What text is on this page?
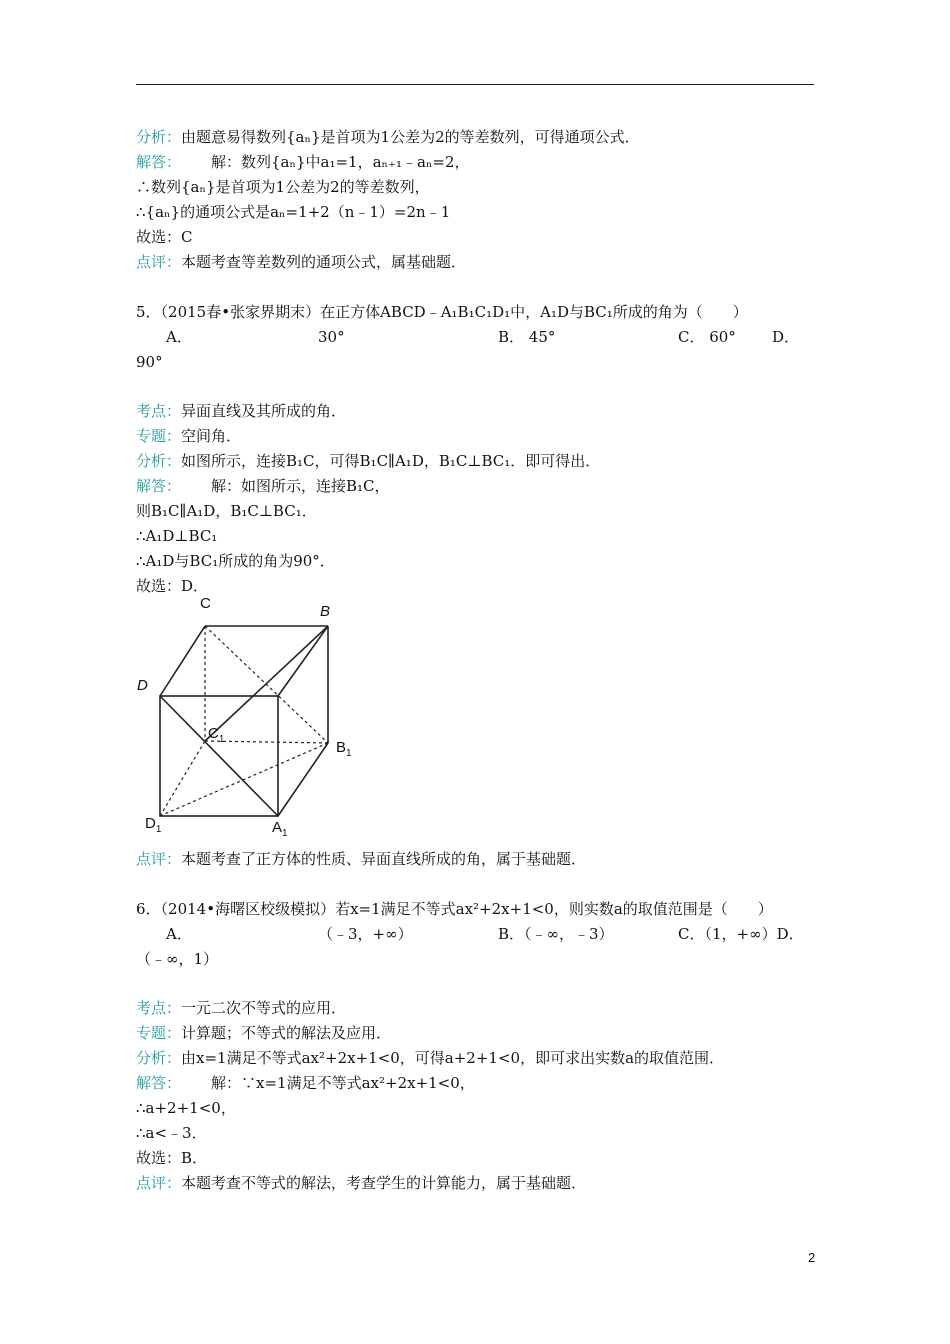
分析：由题意易得数列{aₙ}是首项为1公差为2的等差数列，可得通项公式．
解答： 解：数列{aₙ}中a₁=1，aₙ₊₁﹣aₙ=2，
∴数列{aₙ}是首项为1公差为2的等差数列，
∴{aₙ}的通项公式是aₙ=1+2（n﹣1）=2n﹣1
故选：C
点评：本题考查等差数列的通项公式，属基础题．
5．（2015春•张家界期末）在正方体ABCD﹣A₁B₁C₁D₁中，A₁D与BC₁所成的角为（　　）
A．	30°	B． 45°	C． 60° D．
90°
考点：异面直线及其所成的角．
专题：空间角．
分析：如图所示，连接B₁C，可得B₁C∥A₁D，B₁C⊥BC₁．即可得出．
解答： 解：如图所示，连接B₁C，
则B₁C∥A₁D，B₁C⊥BC₁．
∴A₁D⊥BC₁
∴A₁D与BC₁所成的角为90°．
故选：D．
C	B
D
$C_1$	$B_1$
$D_1$	$A_1$
点评：本题考查了正方体的性质、异面直线所成的角，属于基础题．
6．（2014•海曙区校级模拟）若x=1满足不等式ax²+2x+1<0，则实数a的取值范围是（　　）
A．	（﹣3，+∞）	B．（﹣∞，﹣3）	C．（1，+∞）D．
（﹣∞，1）
考点：一元二次不等式的应用．
专题：计算题；不等式的解法及应用．
分析：由x=1满足不等式ax²+2x+1<0，可得a+2+1<0，即可求出实数a的取值范围．
解答： 解：∵x=1满足不等式ax²+2x+1<0，
∴a+2+1<0，
∴a<﹣3．
故选：B．
点评：本题考查不等式的解法，考查学生的计算能力，属于基础题．
2
